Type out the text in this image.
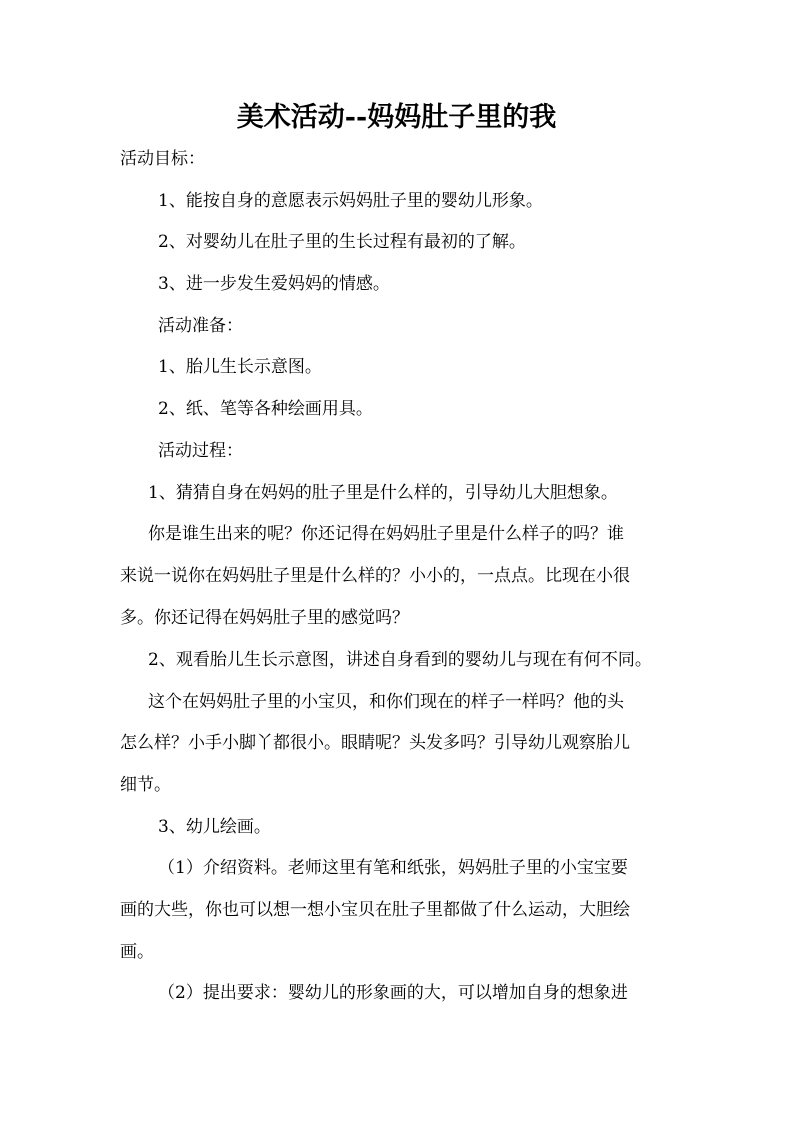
美术活动--妈妈肚子里的我
活动目标：
1、能按自身的意愿表示妈妈肚子里的婴幼儿形象。
2、对婴幼儿在肚子里的生长过程有最初的了解。
3、进一步发生爱妈妈的情感。
活动准备：
1、胎儿生长示意图。
2、纸、笔等各种绘画用具。
活动过程：
1、猜猜自身在妈妈的肚子里是什么样的，引导幼儿大胆想象。
你是谁生出来的呢？你还记得在妈妈肚子里是什么样子的吗？谁
来说一说你在妈妈肚子里是什么样的？小小的，一点点。比现在小很
多。你还记得在妈妈肚子里的感觉吗？
2、观看胎儿生长示意图，讲述自身看到的婴幼儿与现在有何不同。
这个在妈妈肚子里的小宝贝，和你们现在的样子一样吗？他的头
怎么样？小手小脚丫都很小。眼睛呢？头发多吗？引导幼儿观察胎儿
细节。
3、幼儿绘画。
（1）介绍资料。老师这里有笔和纸张，妈妈肚子里的小宝宝要
画的大些，你也可以想一想小宝贝在肚子里都做了什么运动，大胆绘
画。
（2）提出要求：婴幼儿的形象画的大，可以增加自身的想象进
